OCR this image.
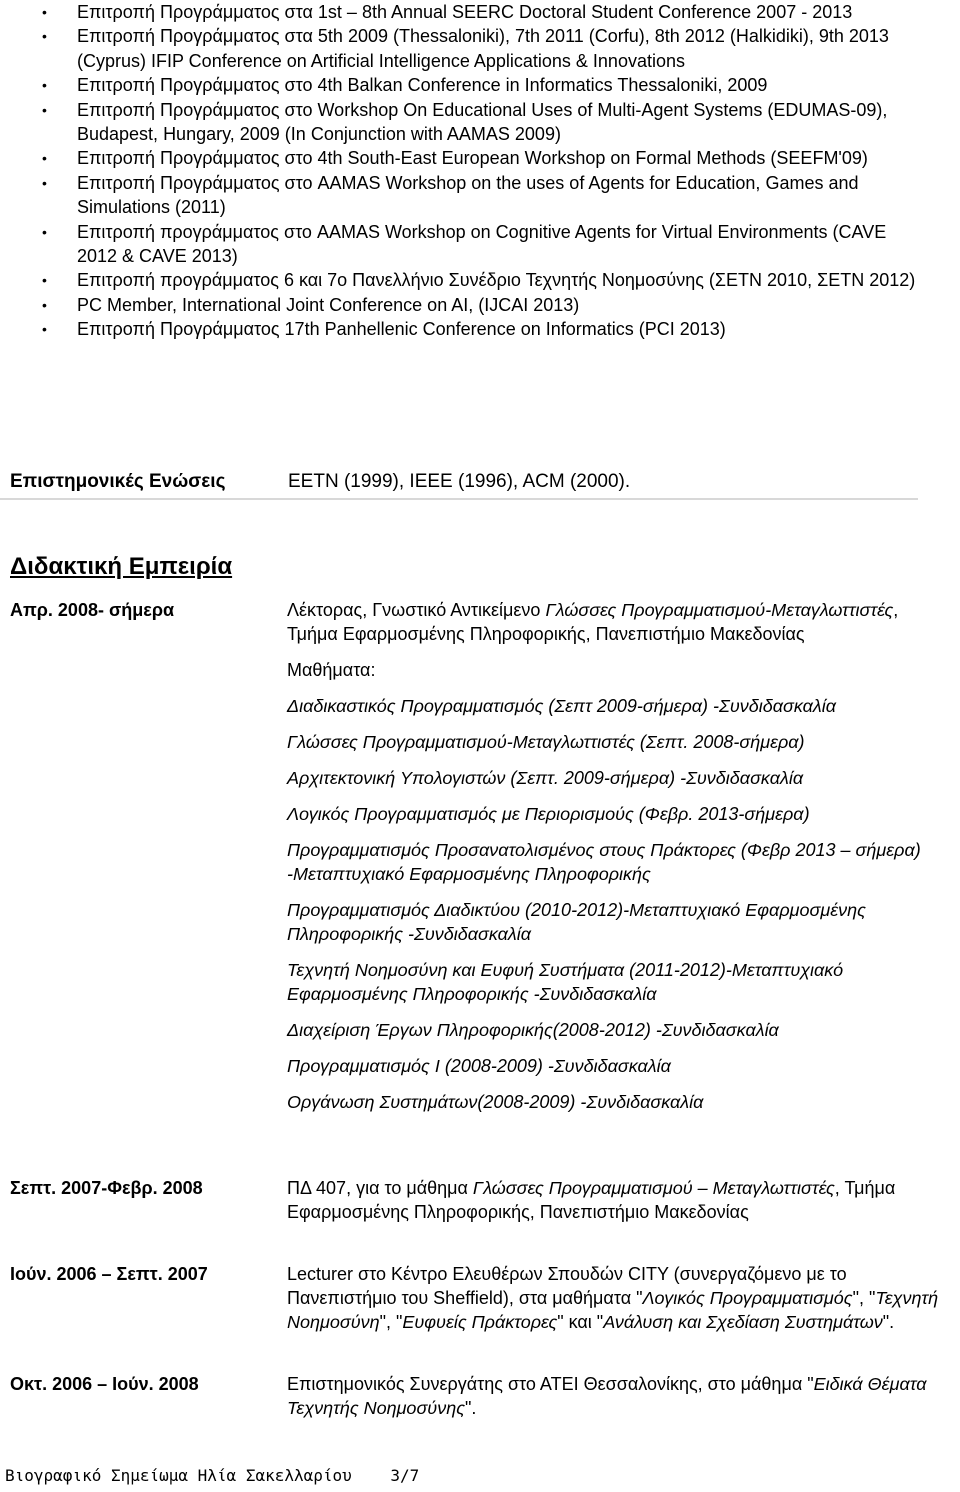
• Επιτροπή Προγράμματος στα 1st – 8th Annual SEERC Doctoral Student Conference 2007 - 2013
• Επιτροπή Προγράμματος στα 5th 2009 (Thessaloniki), 7th 2011 (Corfu), 8th 2012 (Halkidiki), 9th 2013 (Cyprus) IFIP Conference on Artificial Intelligence Applications & Innovations
• Επιτροπή Προγράμματος στο 4th Balkan Conference in Informatics Thessaloniki, 2009
• Επιτροπή Προγράμματος στο Workshop On Educational Uses of Multi-Agent Systems (EDUMAS-09), Budapest, Hungary, 2009 (In Conjunction with AAMAS 2009)
• Επιτροπή Προγράμματος στο 4th South-East European Workshop on Formal Methods (SEEFM'09)
• Επιτροπή Προγράμματος στο AAMAS Workshop on the uses of Agents for Education, Games and Simulations (2011)
• Επιτροπή προγράμματος στο AAMAS Workshop on Cognitive Agents for Virtual Environments (CAVE 2012 & CAVE 2013)
• Επιτροπή προγράμματος 6 και 7ο Πανελλήνιο Συνέδριο Τεχνητής Νοημοσύνης (ΣΕΤΝ 2010, ΣΕΤΝ 2012)
• PC Member, International Joint Conference on AI, (IJCAI 2013)
• Επιτροπή Προγράμματος 17th Panhellenic Conference on Informatics (PCI 2013)
Επιστημονικές Ενώσεις	ΕΕΤΝ (1999), IEEE (1996), ACM (2000).
Διδακτική Εμπειρία
Απρ. 2008- σήμερα	Λέκτορας, Γνωστικό Αντικείμενο Γλώσσες Προγραμματισμού-Μεταγλωττιστές, Τμήμα Εφαρμοσμένης Πληροφορικής, Πανεπιστήμιο Μακεδονίας

Μαθήματα:

Διαδικαστικός Προγραμματισμός (Σεπτ 2009-σήμερα) -Συνδιδασκαλία

Γλώσσες Προγραμματισμού-Μεταγλωττιστές (Σεπτ. 2008-σήμερα)

Αρχιτεκτονική Υπολογιστών (Σεπτ. 2009-σήμερα) -Συνδιδασκαλία

Λογικός Προγραμματισμός με Περιορισμούς (Φεβρ. 2013-σήμερα)

Προγραμματισμός Προσανατολισμένος στους Πράκτορες (Φεβρ 2013 – σήμερα) -Μεταπτυχιακό Εφαρμοσμένης Πληροφορικής

Προγραμματισμός Διαδικτύου (2010-2012)-Μεταπτυχιακό Εφαρμοσμένης Πληροφορικής -Συνδιδασκαλία

Τεχνητή Νοημοσύνη και Ευφυή Συστήματα (2011-2012)-Μεταπτυχιακό Εφαρμοσμένης Πληροφορικής -Συνδιδασκαλία

Διαχείριση Έργων Πληροφορικής(2008-2012) -Συνδιδασκαλία

Προγραμματισμός Ι (2008-2009) -Συνδιδασκαλία

Οργάνωση Συστημάτων(2008-2009) -Συνδιδασκαλία

Σεπτ. 2007-Φεβρ. 2008	ΠΔ 407, για το μάθημα Γλώσσες Προγραμματισμού – Μεταγλωττιστές, Τμήμα Εφαρμοσμένης Πληροφορικής, Πανεπιστήμιο Μακεδονίας

Ιούν. 2006 – Σεπτ. 2007	Lecturer στο Κέντρο Ελευθέρων Σπουδών CITY (συνεργαζόμενο με το Πανεπιστήμιο του Sheffield), στα μαθήματα "Λογικός Προγραμματισμός", "Τεχνητή Νοημοσύνη", "Ευφυείς Πράκτορες" και "Ανάλυση και Σχεδίαση Συστημάτων".

Οκτ. 2006 – Ιούν. 2008	Επιστημονικός Συνεργάτης στο ΑΤΕΙ Θεσσαλονίκης, στο μάθημα "Ειδικά Θέματα Τεχνητής Νοημοσύνης".

Βιογραφικό Σημείωμα Ηλία Σακελλαρίου 3/7
